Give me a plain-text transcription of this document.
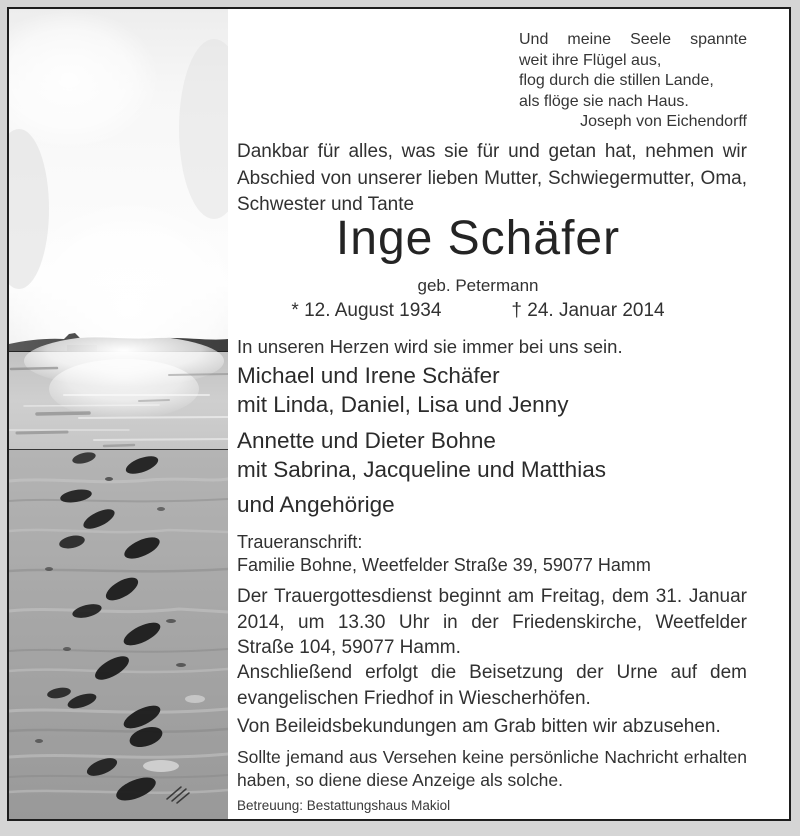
Und meine Seele spannte
weit ihre Flügel aus,
flog durch die stillen Lande,
als flöge sie nach Haus.
Joseph von Eichendorff

Dankbar für alles, was sie für und getan hat, nehmen wir Abschied von unserer lieben Mutter, Schwiegermutter, Oma, Schwester und Tante

Inge Schäfer
geb. Petermann
* 12. August 1934	† 24. Januar 2014
In unseren Herzen wird sie immer bei uns sein.
Michael und Irene Schäfer
mit Linda, Daniel, Lisa und Jenny
Annette und Dieter Bohne
mit Sabrina, Jacqueline und Matthias
und Angehörige
Traueranschrift:
Familie Bohne, Weetfelder Straße 39, 59077 Hamm

Der Trauergottesdienst beginnt am Freitag, dem 31. Januar 2014, um 13.30 Uhr in der Friedenskirche, Weetfelder Straße 104, 59077 Hamm.

Anschließend erfolgt die Beisetzung der Urne auf dem evangelischen Friedhof in Wiescherhöfen.

Von Beileidsbekundungen am Grab bitten wir abzusehen.

Sollte jemand aus Versehen keine persönliche Nachricht erhalten haben, so diene diese Anzeige als solche.

Betreuung: Bestattungshaus Makiol
